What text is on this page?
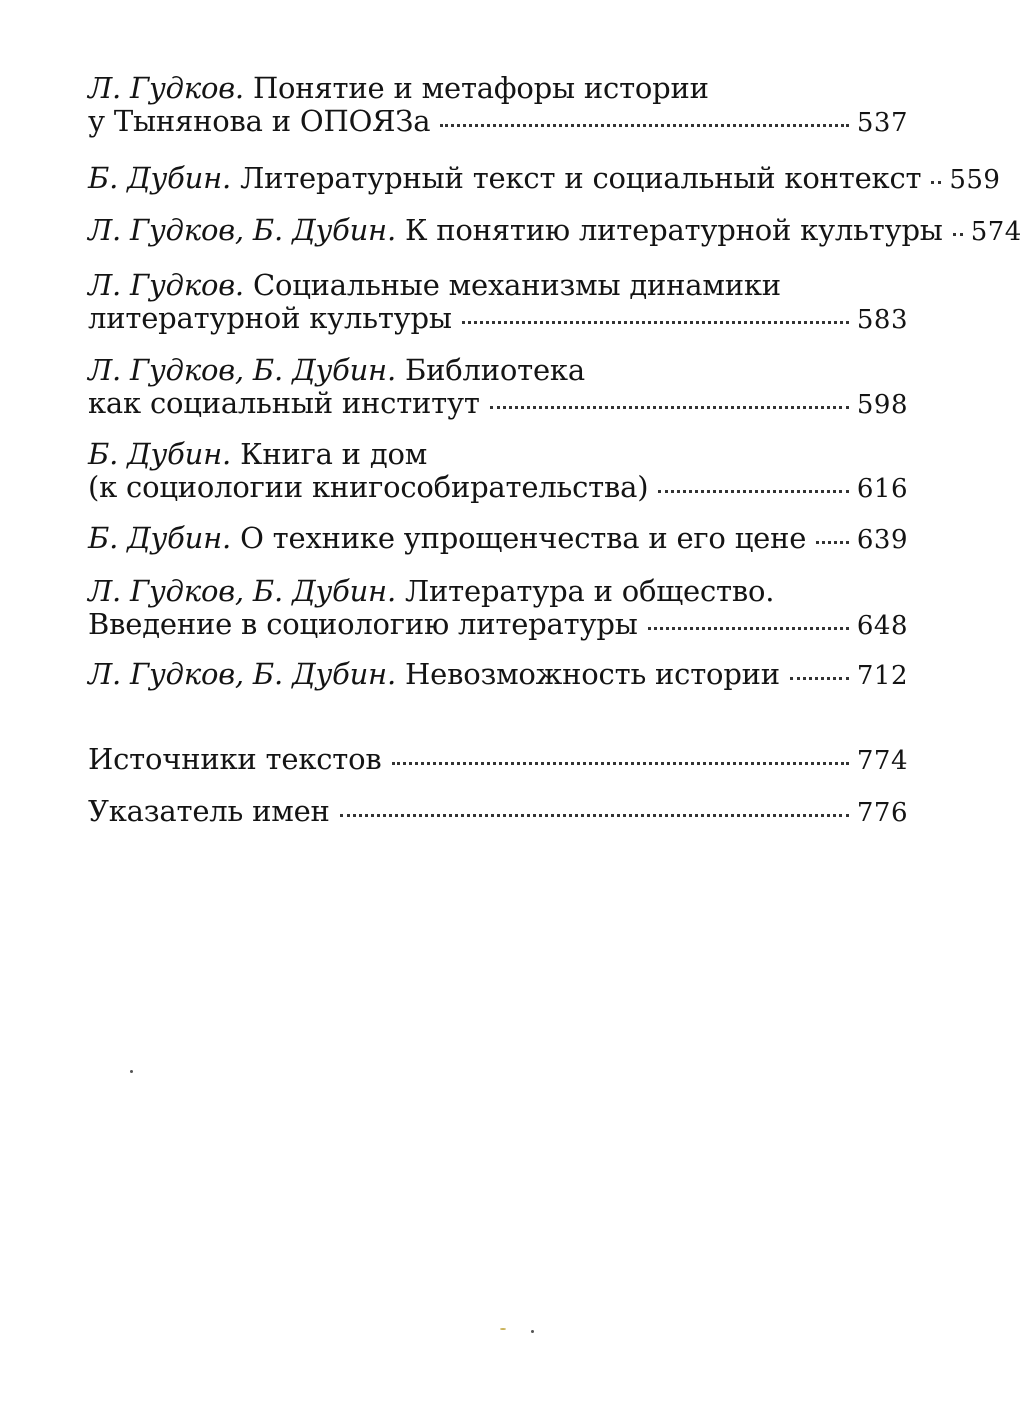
Л. Гудков. Понятие и метафоры истории
у Тынянова и ОПОЯЗа	537
Б. Дубин. Литературный текст и социальный контекст 559
Л. Гудков, Б. Дубин. К понятию литературной культуры 574
Л. Гудков. Социальные механизмы динамики
литературной культуры	583
Л. Гудков, Б. Дубин. Библиотека
как социальный институт	598
Б. Дубин. Книга и дом
(к социологии книгособирательства)	616
Б. Дубин. О технике упрощенчества и его цене 639
Л. Гудков, Б. Дубин. Литература и общество.
Введение в социологию литературы	648
Л. Гудков, Б. Дубин. Невозможность истории	712
Источники текстов	774
Указатель имен	776
